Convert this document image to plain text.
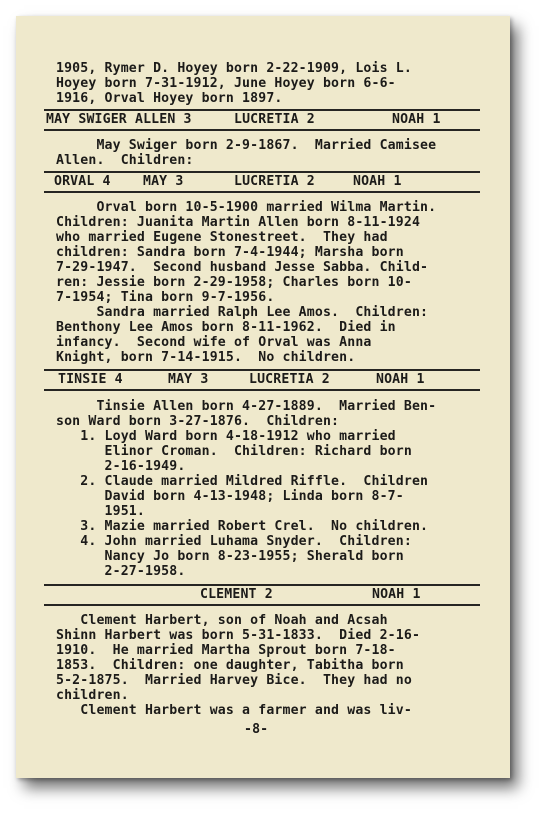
1905, Rymer D. Hoyey born 2-22-1909, Lois L.
Hoyey born 7-31-1912, June Hoyey born 6-6-
1916, Orval Hoyey born 1897.
MAY SWIGER ALLEN 3	LUCRETIA 2	NOAH 1
May Swiger born 2-9-1867.  Married Camisee
Allen.  Children:
ORVAL 4 MAY 3	LUCRETIA 2	NOAH 1
Orval born 10-5-1900 married Wilma Martin.
Children: Juanita Martin Allen born 8-11-1924
who married Eugene Stonestreet.  They had
children: Sandra born 7-4-1944; Marsha born
7-29-1947.  Second husband Jesse Sabba. Child-
ren: Jessie born 2-29-1958; Charles born 10-
7-1954; Tina born 9-7-1956.
Sandra married Ralph Lee Amos.  Children:
Benthony Lee Amos born 8-11-1962.  Died in
infancy.  Second wife of Orval was Anna
Knight, born 7-14-1915.  No children.
TINSIE 4	MAY 3	LUCRETIA 2	NOAH 1
Tinsie Allen born 4-27-1889.  Married Ben-
son Ward born 3-27-1876.  Children:
1. Loyd Ward born 4-18-1912 who married
Elinor Croman.  Children: Richard born
2-16-1949.
2. Claude married Mildred Riffle.  Children
David born 4-13-1948; Linda born 8-7-
1951.
3. Mazie married Robert Crel.  No children.
4. John married Luhama Snyder.  Children:
Nancy Jo born 8-23-1955; Sherald born
2-27-1958.
CLEMENT 2	NOAH 1
Clement Harbert, son of Noah and Acsah
Shinn Harbert was born 5-31-1833.  Died 2-16-
1910.  He married Martha Sprout born 7-18-
1853.  Children: one daughter, Tabitha born
5-2-1875.  Married Harvey Bice.  They had no
children.
Clement Harbert was a farmer and was liv-
-8-
